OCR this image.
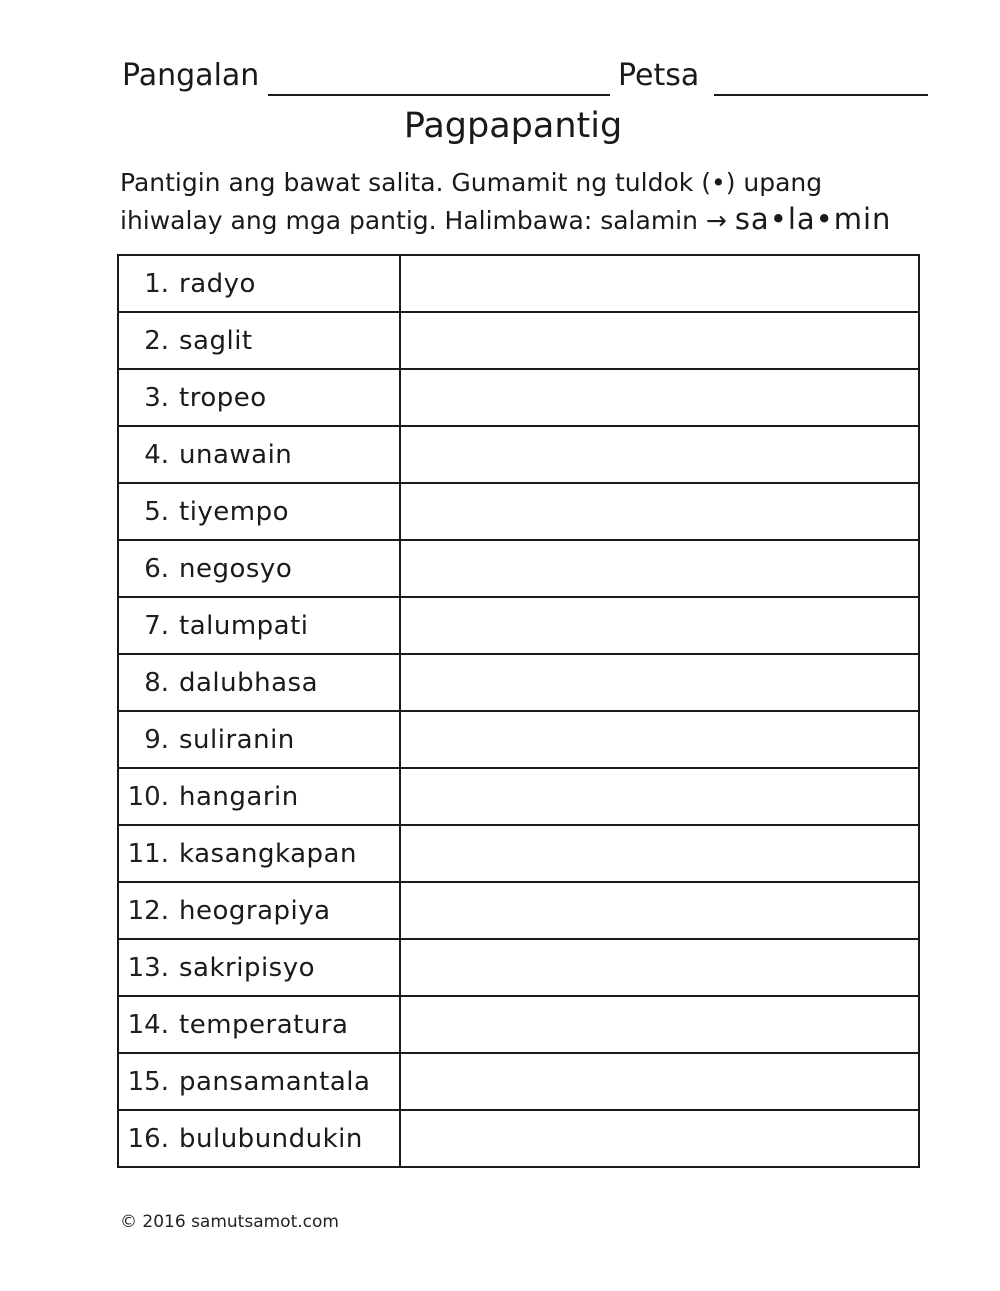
Pangalan	Petsa
Pagpapantig
Pantigin ang bawat salita. Gumamit ng tuldok (•) upang
ihiwalay ang mga pantig. Halimbawa: salamin → sa•la•min
1. radyo	
2. saglit	
3. tropeo	
4. unawain	
5. tiyempo	
6. negosyo	
7. talumpati	
8. dalubhasa	
9. suliranin	
10. hangarin	
11. kasangkapan	
12. heograpiya	
13. sakripisyo	
14. temperatura	
15. pansamantala	
16. bulubundukin	
© 2016 samutsamot.com
